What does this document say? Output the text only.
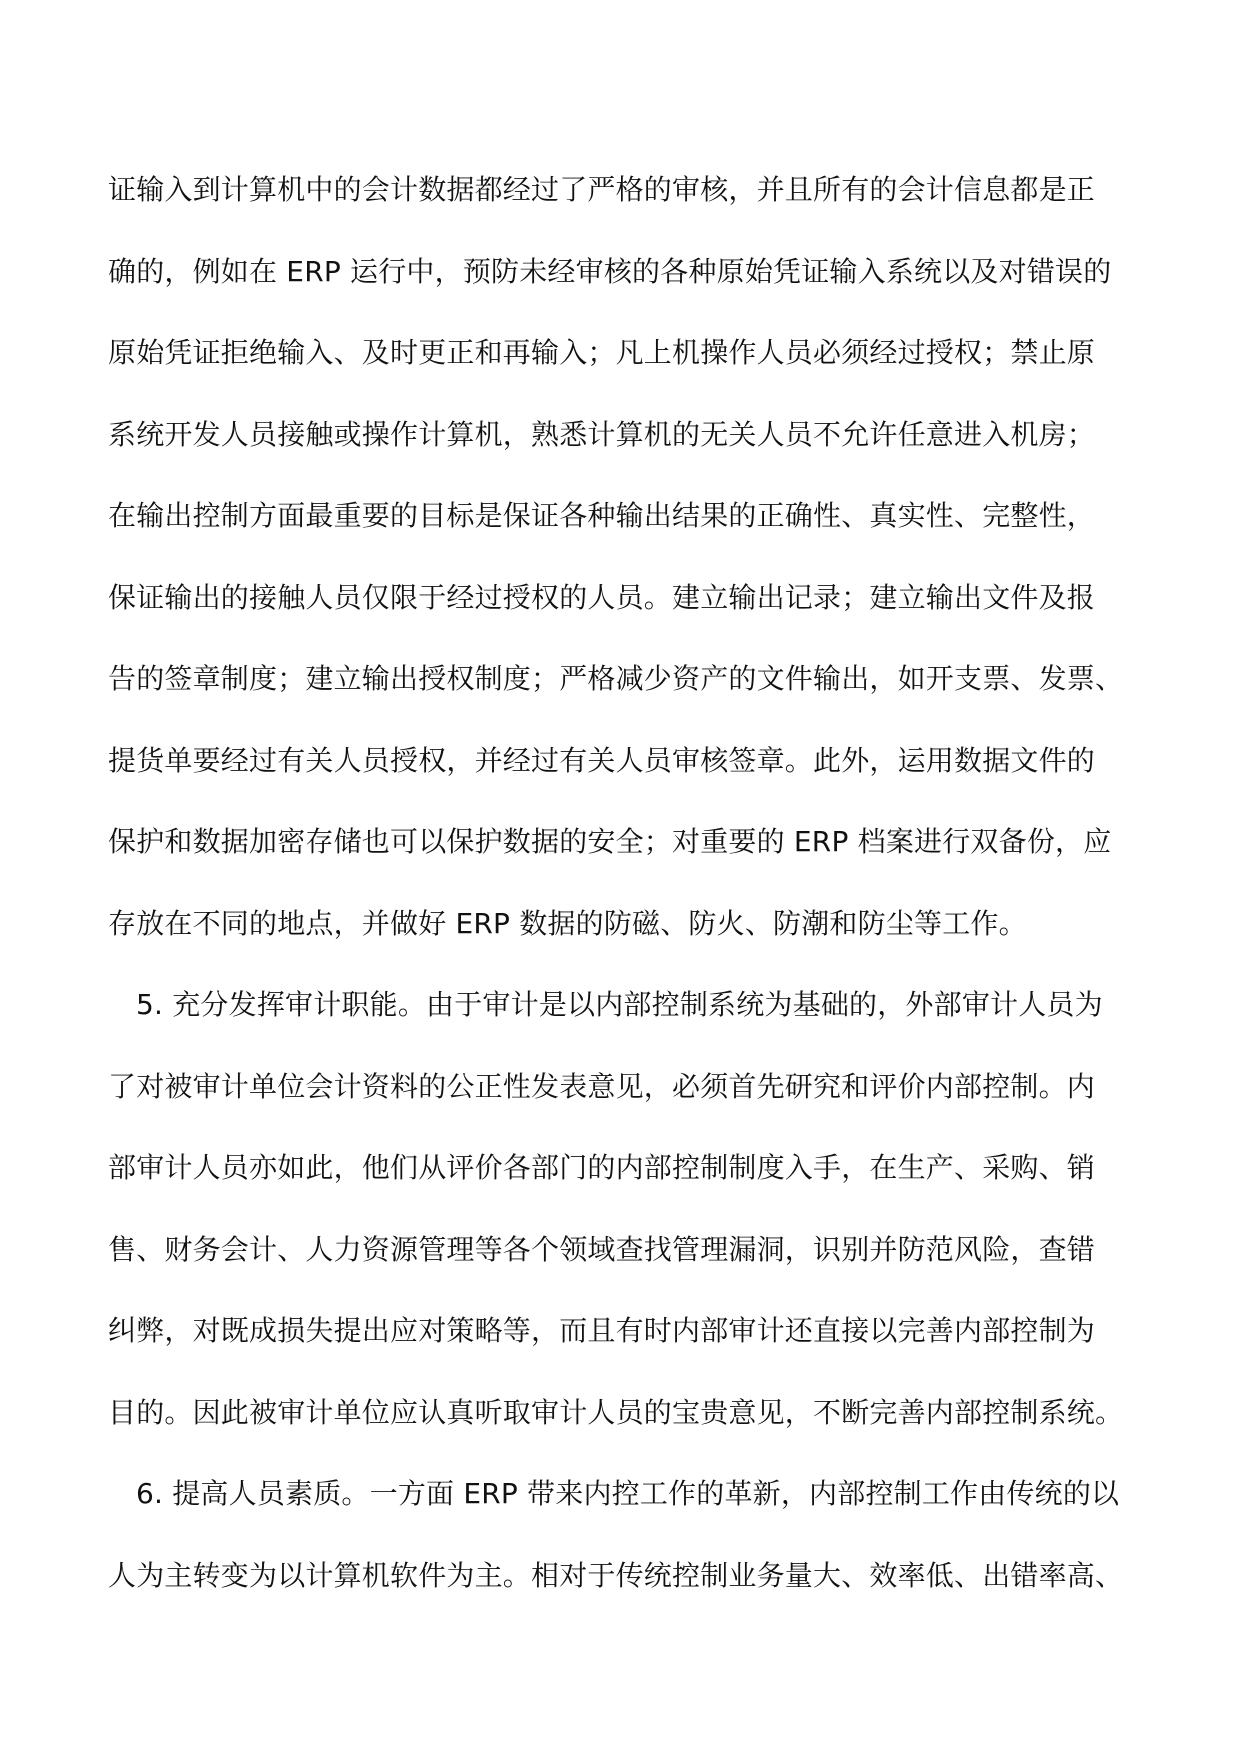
证输入到计算机中的会计数据都经过了严格的审核，并且所有的会计信息都是正
确的，例如在 ERP 运行中，预防未经审核的各种原始凭证输入系统以及对错误的
原始凭证拒绝输入、及时更正和再输入；凡上机操作人员必须经过授权；禁止原
系统开发人员接触或操作计算机，熟悉计算机的无关人员不允许任意进入机房；
在输出控制方面最重要的目标是保证各种输出结果的正确性、真实性、完整性，
保证输出的接触人员仅限于经过授权的人员。建立输出记录；建立输出文件及报
告的签章制度；建立输出授权制度；严格减少资产的文件输出，如开支票、发票、
提货单要经过有关人员授权，并经过有关人员审核签章。此外，运用数据文件的
保护和数据加密存储也可以保护数据的安全；对重要的 ERP 档案进行双备份，应
存放在不同的地点，并做好 ERP 数据的防磁、防火、防潮和防尘等工作。
5. 充分发挥审计职能。由于审计是以内部控制系统为基础的，外部审计人员为
了对被审计单位会计资料的公正性发表意见，必须首先研究和评价内部控制。内
部审计人员亦如此，他们从评价各部门的内部控制制度入手，在生产、采购、销
售、财务会计、人力资源管理等各个领域查找管理漏洞，识别并防范风险，查错
纠弊，对既成损失提出应对策略等，而且有时内部审计还直接以完善内部控制为
目的。因此被审计单位应认真听取审计人员的宝贵意见，不断完善内部控制系统。
6. 提高人员素质。一方面 ERP 带来内控工作的革新，内部控制工作由传统的以
人为主转变为以计算机软件为主。相对于传统控制业务量大、效率低、出错率高、
